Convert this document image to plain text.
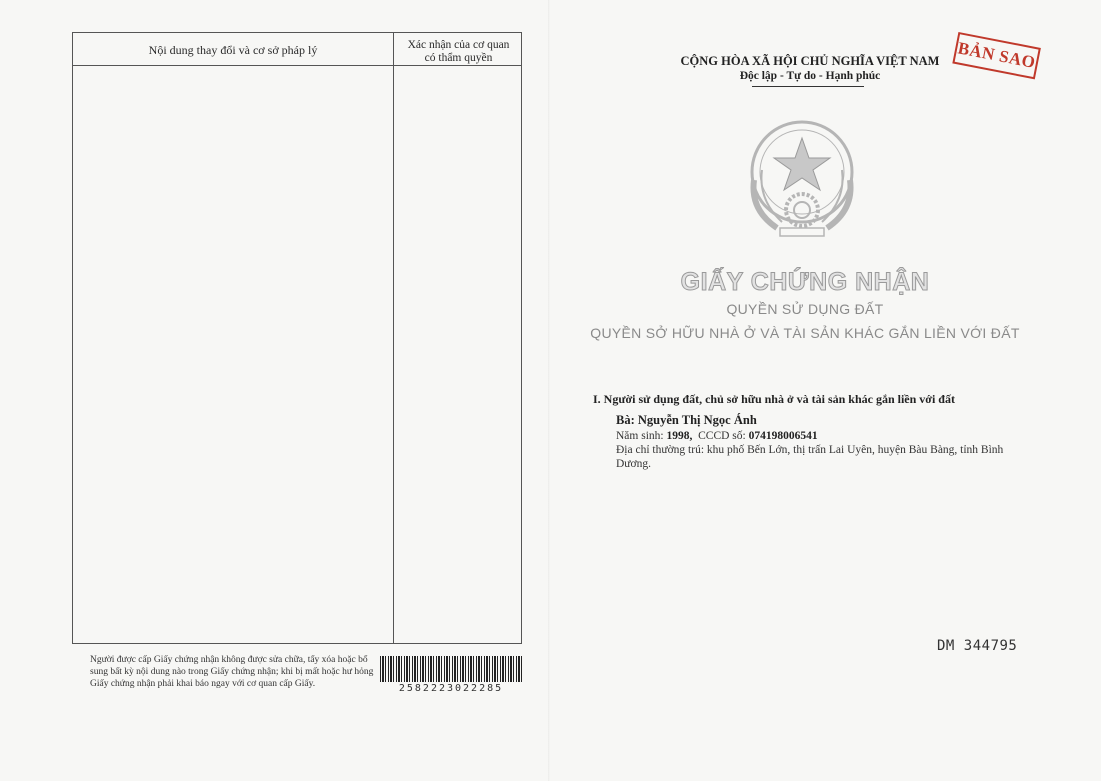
Nội dung thay đổi và cơ sở pháp lý	Xác nhận của cơ quan
có thẩm quyền
Người được cấp Giấy chứng nhận không được sửa chữa, tẩy xóa hoặc bổ sung bất kỳ nội dung nào trong Giấy chứng nhận; khi bị mất hoặc hư hỏng Giấy chứng nhận phải khai báo ngay với cơ quan cấp Giấy.	2582223022285
CỘNG HÒA XÃ HỘI CHỦ NGHĨA VIỆT NAM
Độc lập - Tự do - Hạnh phúc
BẢN SAO
GIẤY CHỨNG NHẬN
QUYỀN SỬ DỤNG ĐẤT
QUYỀN SỞ HỮU NHÀ Ở VÀ TÀI SẢN KHÁC GẮN LIỀN VỚI ĐẤT
I. Người sử dụng đất, chủ sở hữu nhà ở và tài sản khác gắn liền với đất
Bà: Nguyễn Thị Ngọc Ánh
Năm sinh: 1998, CCCD số: 074198006541
Địa chỉ thường trú: khu phố Bến Lớn, thị trấn Lai Uyên, huyện Bàu Bàng, tỉnh Bình Dương.
DM 344795
